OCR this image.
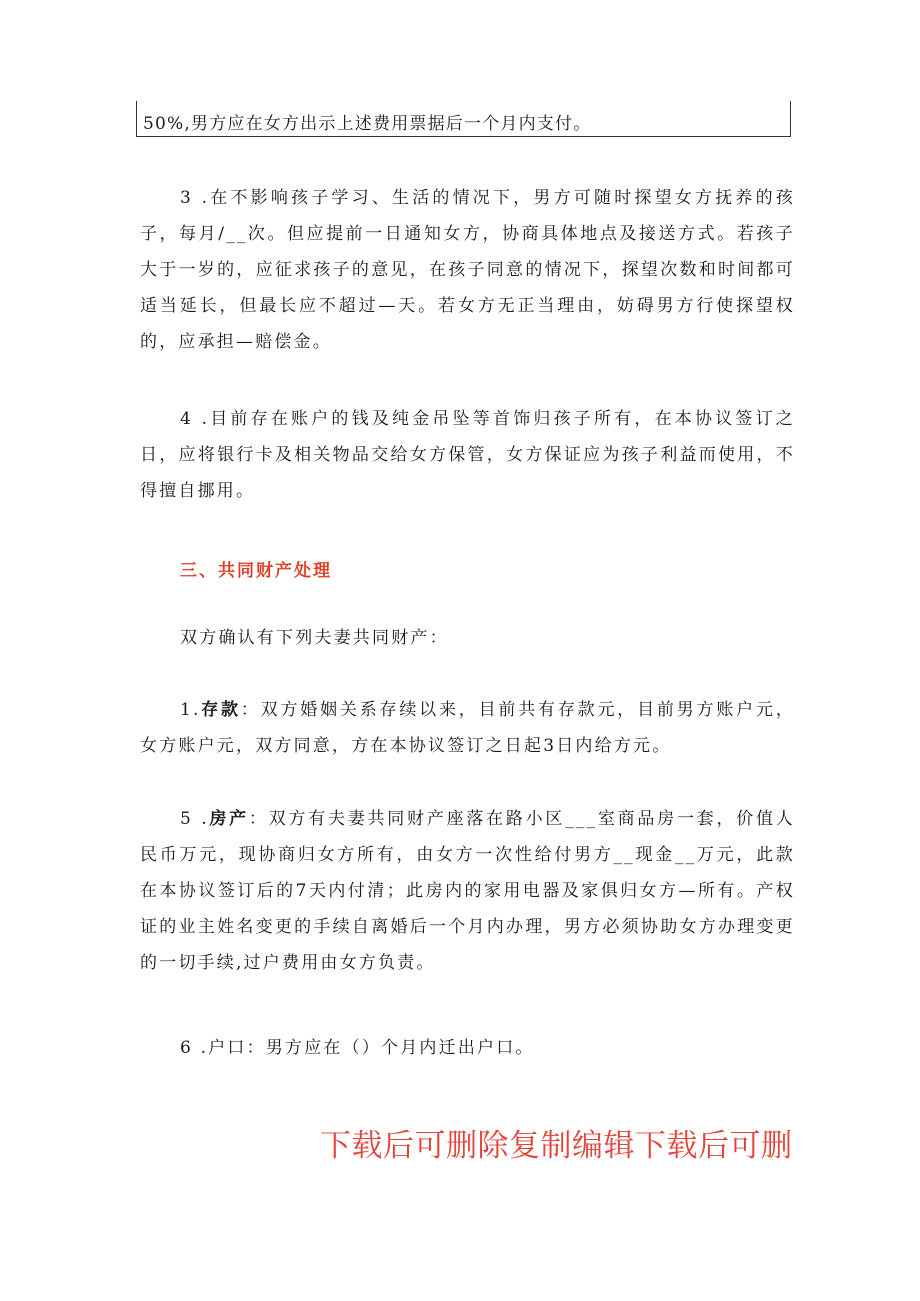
50%,男方应在女方出示上述费用票据后一个月内支付。

3 .在不影响孩子学习、生活的情况下，男方可随时探望女方抚养的孩子，每月/__次。但应提前一日通知女方，协商具体地点及接送方式。若孩子大于一岁的，应征求孩子的意见，在孩子同意的情况下，探望次数和时间都可适当延长，但最长应不超过—天。若女方无正当理由，妨碍男方行使探望权的，应承担—赔偿金。

4 .目前存在账户的钱及纯金吊坠等首饰归孩子所有，在本协议签订之日，应将银行卡及相关物品交给女方保管，女方保证应为孩子利益而使用，不得擅自挪用。

三、共同财产处理

双方确认有下列夫妻共同财产：

1.存款：双方婚姻关系存续以来，目前共有存款元，目前男方账户元，女方账户元，双方同意，方在本协议签订之日起3日内给方元。

5 .房产：双方有夫妻共同财产座落在路小区___室商品房一套，价值人民币万元，现协商归女方所有，由女方一次性给付男方__现金__万元，此款在本协议签订后的7天内付清；此房内的家用电器及家俱归女方—所有。产权证的业主姓名变更的手续自离婚后一个月内办理，男方必须协助女方办理变更的一切手续,过户费用由女方负责。

6 .户口：男方应在（）个月内迁出户口。

下载后可删除复制编辑下载后可删
